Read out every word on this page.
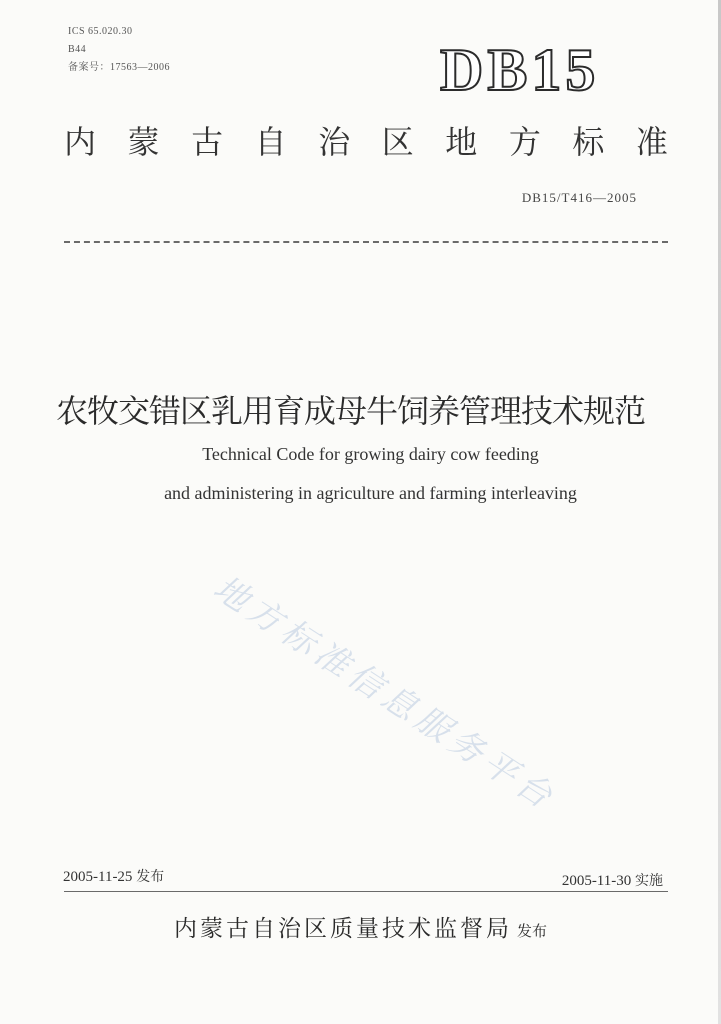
ICS 65.020.30
B44
备案号：17563—2006	DB15
内 蒙 古 自 治 区 地 方 标 准
DB15/T416—2005
农牧交错区乳用育成母牛饲养管理技术规范
Technical Code for growing dairy cow feeding
and administering in agriculture and farming interleaving
地方标准信息服务平台
2005-11-25 发布	2005-11-30 实施
内蒙古自治区质量技术监督局 发布
